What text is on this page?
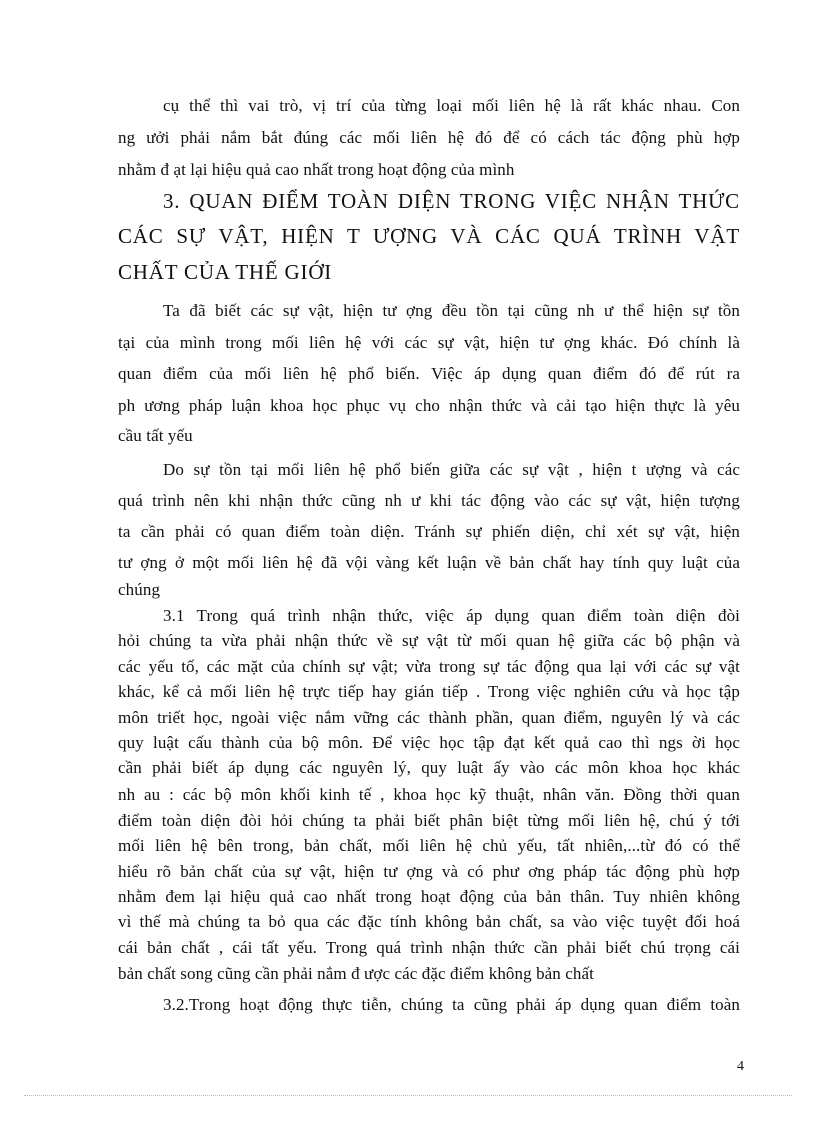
cụ thể thì vai trò, vị trí của từng loại mối liên hệ là rất khác nhau. Con
ng ưởi phải nắm bắt đúng các mối liên hệ đó để có cách tác động phù hợp
nhằm đ ạt lại hiệu quả cao nhất trong hoạt động của mình
3. QUAN ĐIỂM TOÀN DIỆN TRONG VIỆC NHẬN THỨC
CÁC SỰ VẬT, HIỆN T ƯỢNG VÀ CÁC QUÁ TRÌNH VẬT
CHẤT CỦA THẾ GIỚI
Ta đã biết các sự vật, hiện tư ợng đều tồn tại cũng nh ư thể hiện sự tồn
tại của mình trong mối liên hệ với các sự vật, hiện tư ợng khác. Đó chính là
quan điểm của mối liên hệ phổ biến. Việc áp dụng quan điểm đó để rút ra
ph ương pháp luận khoa học phục vụ cho nhận thức và cải tạo hiện thực là yêu
cầu tất yếu
Do sự tồn tại mối liên hệ phổ biến giữa các sự vật , hiện t ượng và các
quá trình nên khi nhận thức cũng nh ư khi tác động vào các sự vật, hiện tượng
ta cần phải có quan điểm toàn diện. Tránh sự phiến diện, chỉ xét sự vật, hiện
tư ợng ở một mối liên hệ đã vội vàng kết luận về bản chất hay tính quy luật của
chúng
3.1 Trong quá trình nhận thức, việc áp dụng quan điểm toàn diện đòi
hỏi chúng ta vừa phải nhận thức về sự vật từ mối quan hệ giữa các bộ phận và
các yếu tố, các mặt của chính sự vật; vừa trong sự tác động qua lại với các sự vật
khác, kể cả mối liên hệ trực tiếp hay gián tiếp . Trong việc nghiên cứu và học tập
môn triết học, ngoài việc nắm vững các thành phần, quan điểm, nguyên lý và các
quy luật cấu thành của bộ môn. Để việc học tập đạt kết quả cao thì ngs ời học
cần phải biết áp dụng các nguyên lý, quy luật ấy vào các môn khoa học khác
nh au : các bộ môn khối kinh tế , khoa học kỹ thuật, nhân văn. Đồng thời quan
điểm toàn diện đòi hỏi chúng ta phải biết phân biệt từng mối liên hệ, chú ý tới
mối liên hệ bên trong, bản chất, mối liên hệ chủ yếu, tất nhiên,...từ đó có thể
hiểu rõ bản chất của sự vật, hiện tư ợng và có phư ơng pháp tác động phù hợp
nhằm đem lại hiệu quả cao nhất trong hoạt động của bản thân. Tuy nhiên không
vì thế mà chúng ta bỏ qua các đặc tính không bản chất, sa vào việc tuyệt đối hoá
cái bản chất , cái tất yếu. Trong quá trình nhận thức cần phải biết chú trọng cái
bản chất song cũng cần phải nắm đ ược các đặc điểm không bản chất
3.2.Trong hoạt động thực tiễn, chúng ta cũng phải áp dụng quan điểm toàn
4
